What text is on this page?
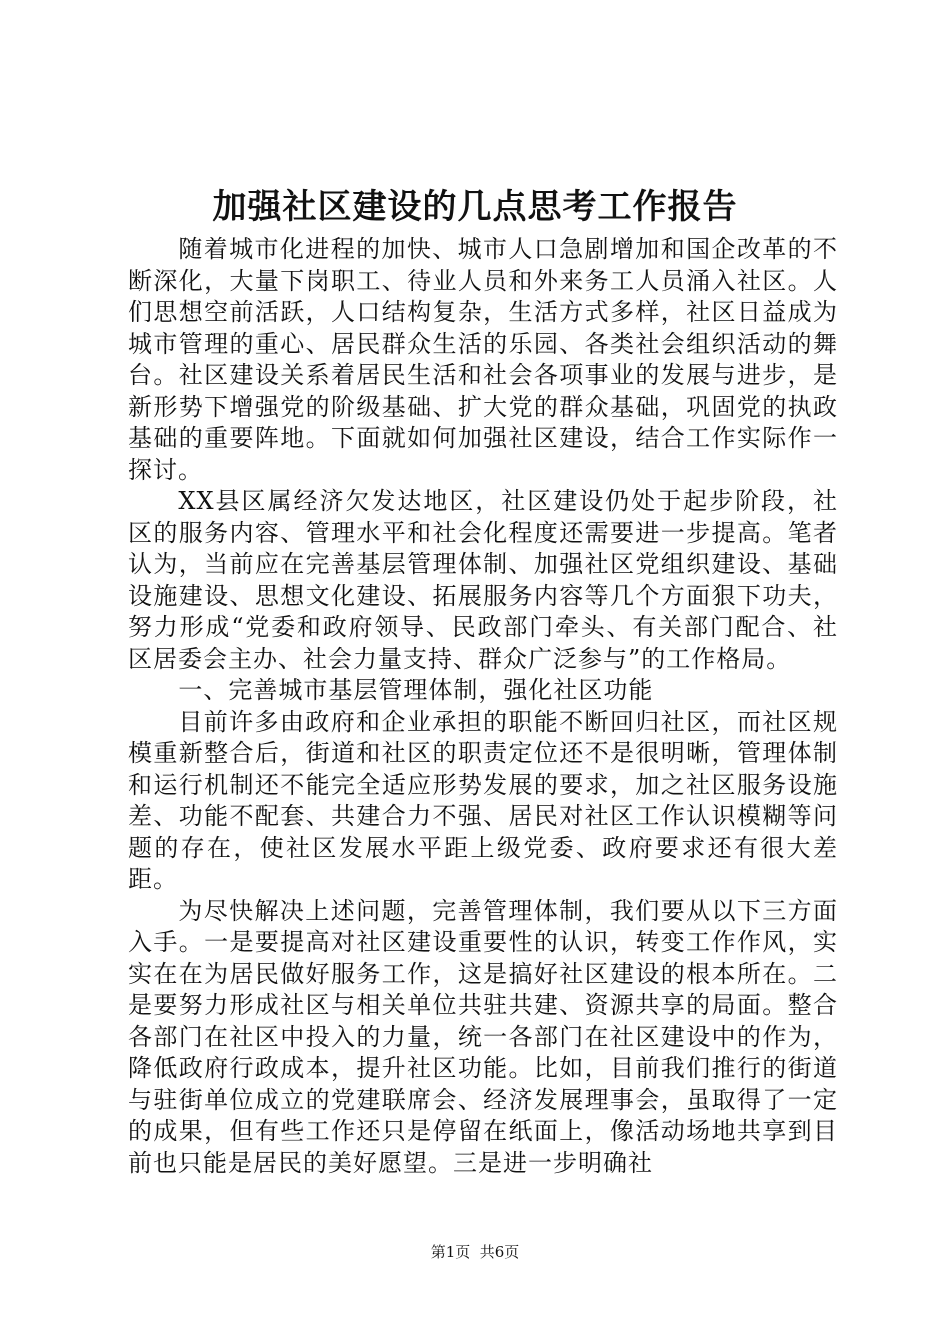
加强社区建设的几点思考工作报告

随着城市化进程的加快、城市人口急剧增加和国企改革的不断深化，大量下岗职工、待业人员和外来务工人员涌入社区。人们思想空前活跃，人口结构复杂，生活方式多样，社区日益成为城市管理的重心、居民群众生活的乐园、各类社会组织活动的舞台。社区建设关系着居民生活和社会各项事业的发展与进步，是新形势下增强党的阶级基础、扩大党的群众基础，巩固党的执政基础的重要阵地。下面就如何加强社区建设，结合工作实际作一探讨。

XX县区属经济欠发达地区，社区建设仍处于起步阶段，社区的服务内容、管理水平和社会化程度还需要进一步提高。笔者认为，当前应在完善基层管理体制、加强社区党组织建设、基础设施建设、思想文化建设、拓展服务内容等几个方面狠下功夫，努力形成“党委和政府领导、民政部门牵头、有关部门配合、社区居委会主办、社会力量支持、群众广泛参与”的工作格局。

一、完善城市基层管理体制，强化社区功能

目前许多由政府和企业承担的职能不断回归社区，而社区规模重新整合后，街道和社区的职责定位还不是很明晰，管理体制和运行机制还不能完全适应形势发展的要求，加之社区服务设施差、功能不配套、共建合力不强、居民对社区工作认识模糊等问题的存在，使社区发展水平距上级党委、政府要求还有很大差距。

为尽快解决上述问题，完善管理体制，我们要从以下三方面入手。一是要提高对社区建设重要性的认识，转变工作作风，实实在在为居民做好服务工作，这是搞好社区建设的根本所在。二是要努力形成社区与相关单位共驻共建、资源共享的局面。整合各部门在社区中投入的力量，统一各部门在社区建设中的作为，降低政府行政成本，提升社区功能。比如，目前我们推行的街道与驻街单位成立的党建联席会、经济发展理事会，虽取得了一定的成果，但有些工作还只是停留在纸面上，像活动场地共享到目前也只能是居民的美好愿望。三是进一步明确社

第1页  共6页
